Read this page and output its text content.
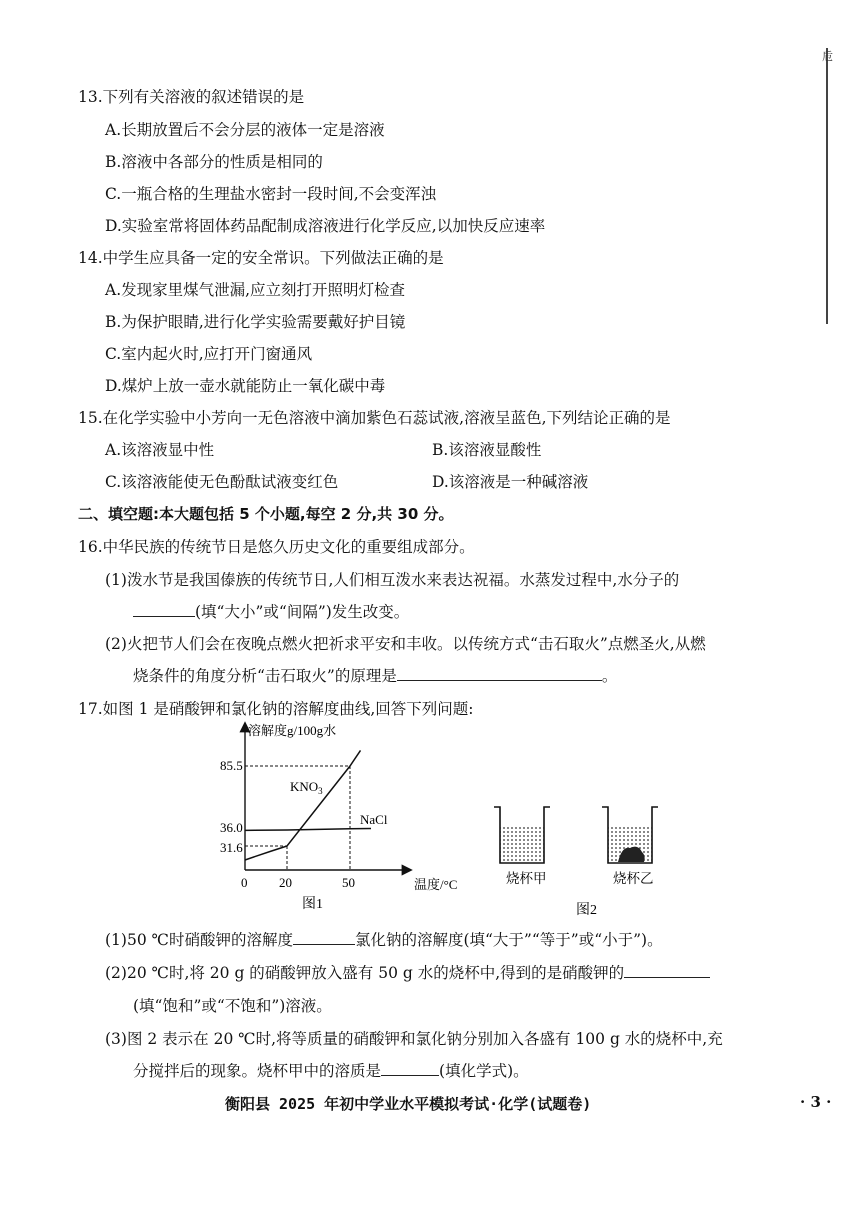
卮
13.下列有关溶液的叙述错误的是
A.长期放置后不会分层的液体一定是溶液
B.溶液中各部分的性质是相同的
C.一瓶合格的生理盐水密封一段时间,不会变浑浊
D.实验室常将固体药品配制成溶液进行化学反应,以加快反应速率
14.中学生应具备一定的安全常识。下列做法正确的是
A.发现家里煤气泄漏,应立刻打开照明灯检查
B.为保护眼睛,进行化学实验需要戴好护目镜
C.室内起火时,应打开门窗通风
D.煤炉上放一壶水就能防止一氧化碳中毒
15.在化学实验中小芳向一无色溶液中滴加紫色石蕊试液,溶液呈蓝色,下列结论正确的是
A.该溶液显中性	B.该溶液显酸性
C.该溶液能使无色酚酞试液变红色	D.该溶液是一种碱溶液
二、填空题:本大题包括 5 个小题,每空 2 分,共 30 分。
16.中华民族的传统节日是悠久历史文化的重要组成部分。
(1)泼水节是我国傣族的传统节日,人们相互泼水来表达祝福。水蒸发过程中,水分子的
(填“大小”或“间隔”)发生改变。
(2)火把节人们会在夜晚点燃火把祈求平安和丰收。以传统方式“击石取火”点燃圣火,从燃
烧条件的角度分析“击石取火”的原理是	。
17.如图 1 是硝酸钾和氯化钠的溶解度曲线,回答下列问题:
0 20	50
31.6
36.0
85.5
溶解度g/100g水
温度/°C
$KNO_3$
NaCl
图1
烧杯甲	烧杯乙
图2
(1)50 ℃时硝酸钾的溶解度	氯化钠的溶解度(填“大于”“等于”或“小于”)。
(2)20 ℃时,将 20 g 的硝酸钾放入盛有 50 g 水的烧杯中,得到的是硝酸钾的
(填“饱和”或“不饱和”)溶液。
(3)图 2 表示在 20 ℃时,将等质量的硝酸钾和氯化钠分别加入各盛有 100 g 水的烧杯中,充
分搅拌后的现象。烧杯甲中的溶质是	(填化学式)。
衡阳县 2025 年初中学业水平模拟考试·化学(试题卷)	· 3 ·
